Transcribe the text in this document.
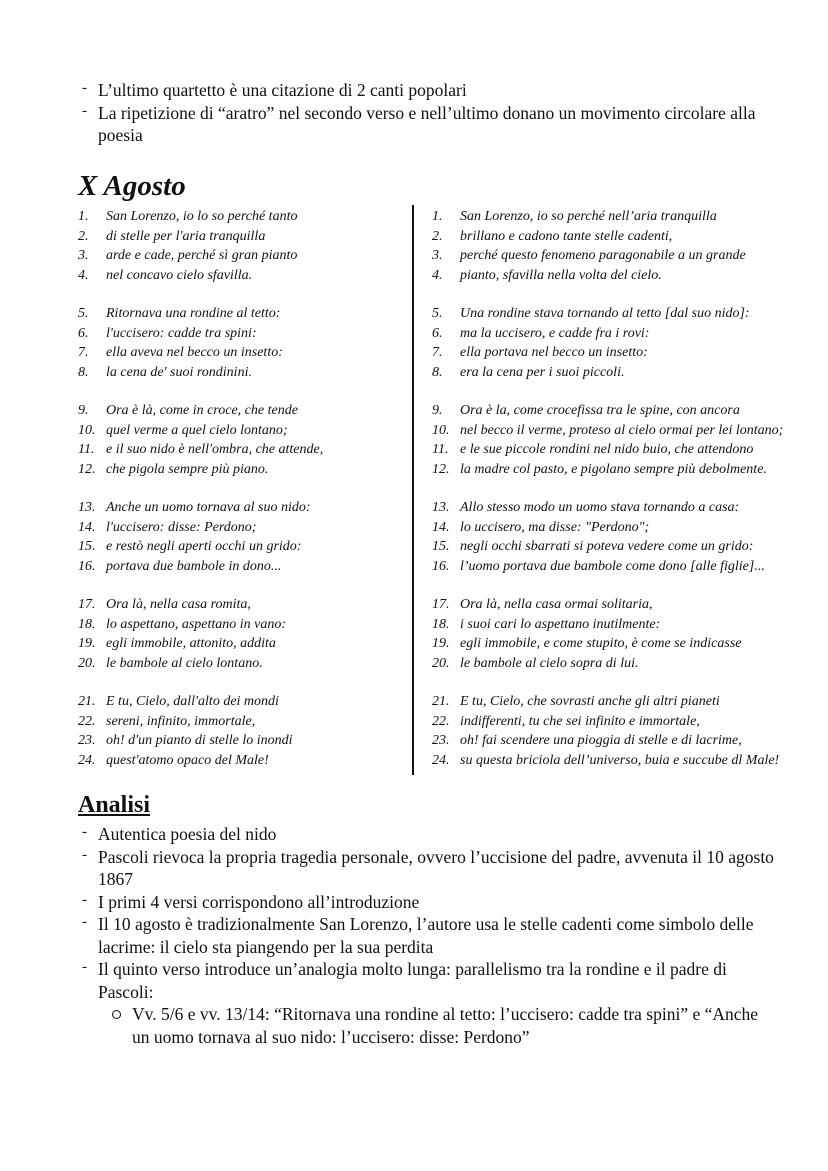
- L’ultimo quartetto è una citazione di 2 canti popolari
- La ripetizione di “aratro” nel secondo verso e nell’ultimo donano un movimento circolare alla poesia
X Agosto
1.	San Lorenzo, io lo so perché tanto
2.	di stelle per l'aria tranquilla
3.	arde e cade, perché sì gran pianto
4.	nel concavo cielo sfavilla.
5.	Ritornava una rondine al tetto:
6.	l'uccisero: cadde tra spini:
7.	ella aveva nel becco un insetto:
8.	la cena de' suoi rondinini.
9.	Ora è là, come in croce, che tende
10. quel verme a quel cielo lontano;
11. e il suo nido è nell'ombra, che attende,
12. che pigola sempre più piano.
13. Anche un uomo tornava al suo nido:
14. l'uccisero: disse: Perdono;
15. e restò negli aperti occhi un grido:
16. portava due bambole in dono...
17. Ora là, nella casa romita,
18. lo aspettano, aspettano in vano:
19. egli immobile, attonito, addita
20. le bambole al cielo lontano.
21. E tu, Cielo, dall'alto dei mondi
22. sereni, infinito, immortale,
23. oh! d'un pianto di stelle lo inondi
24. quest'atomo opaco del Male!
1.	San Lorenzo, io so perché nell’aria tranquilla
2.	brillano e cadono tante stelle cadenti,
3.	perché questo fenomeno paragonabile a un grande
4.	pianto, sfavilla nella volta del cielo.
5.	Una rondine stava tornando al tetto [dal suo nido]:
6.	ma la uccisero, e cadde fra i rovi:
7.	ella portava nel becco un insetto:
8.	era la cena per i suoi piccoli.
9.	Ora è la, come crocefissa tra le spine, con ancora
10. nel becco il verme, proteso al cielo ormai per lei lontano;
11. e le sue piccole rondini nel nido buio, che attendono
12. la madre col pasto, e pigolano sempre più debolmente.
13. Allo stesso modo un uomo stava tornando a casa:
14. lo uccisero, ma disse: "Perdono";
15. negli occhi sbarrati si poteva vedere come un grido:
16. l’uomo portava due bambole come dono [alle figlie]...
17. Ora là, nella casa ormai solitaria,
18. i suoi cari lo aspettano inutilmente:
19. egli immobile, e come stupito, è come se indicasse
20. le bambole al cielo sopra di lui.
21. E tu, Cielo, che sovrasti anche gli altri pianeti
22. indifferenti, tu che sei infinito e immortale,
23. oh! fai scendere una pioggia di stelle e di lacrime,
24. su questa briciola dell’universo, buia e succube dl Male!
Analisi
- Autentica poesia del nido
- Pascoli rievoca la propria tragedia personale, ovvero l’uccisione del padre, avvenuta il 10 agosto 1867
- I primi 4 versi corrispondono all’introduzione
- Il 10 agosto è tradizionalmente San Lorenzo, l’autore usa le stelle cadenti come simbolo delle lacrime: il cielo sta piangendo per la sua perdita
- Il quinto verso introduce un’analogia molto lunga: parallelismo tra la rondine e il padre di Pascoli:
Vv. 5/6 e vv. 13/14: “Ritornava una rondine al tetto: l’uccisero: cadde tra spini” e “Anche un uomo tornava al suo nido: l’uccisero: disse: Perdono”
